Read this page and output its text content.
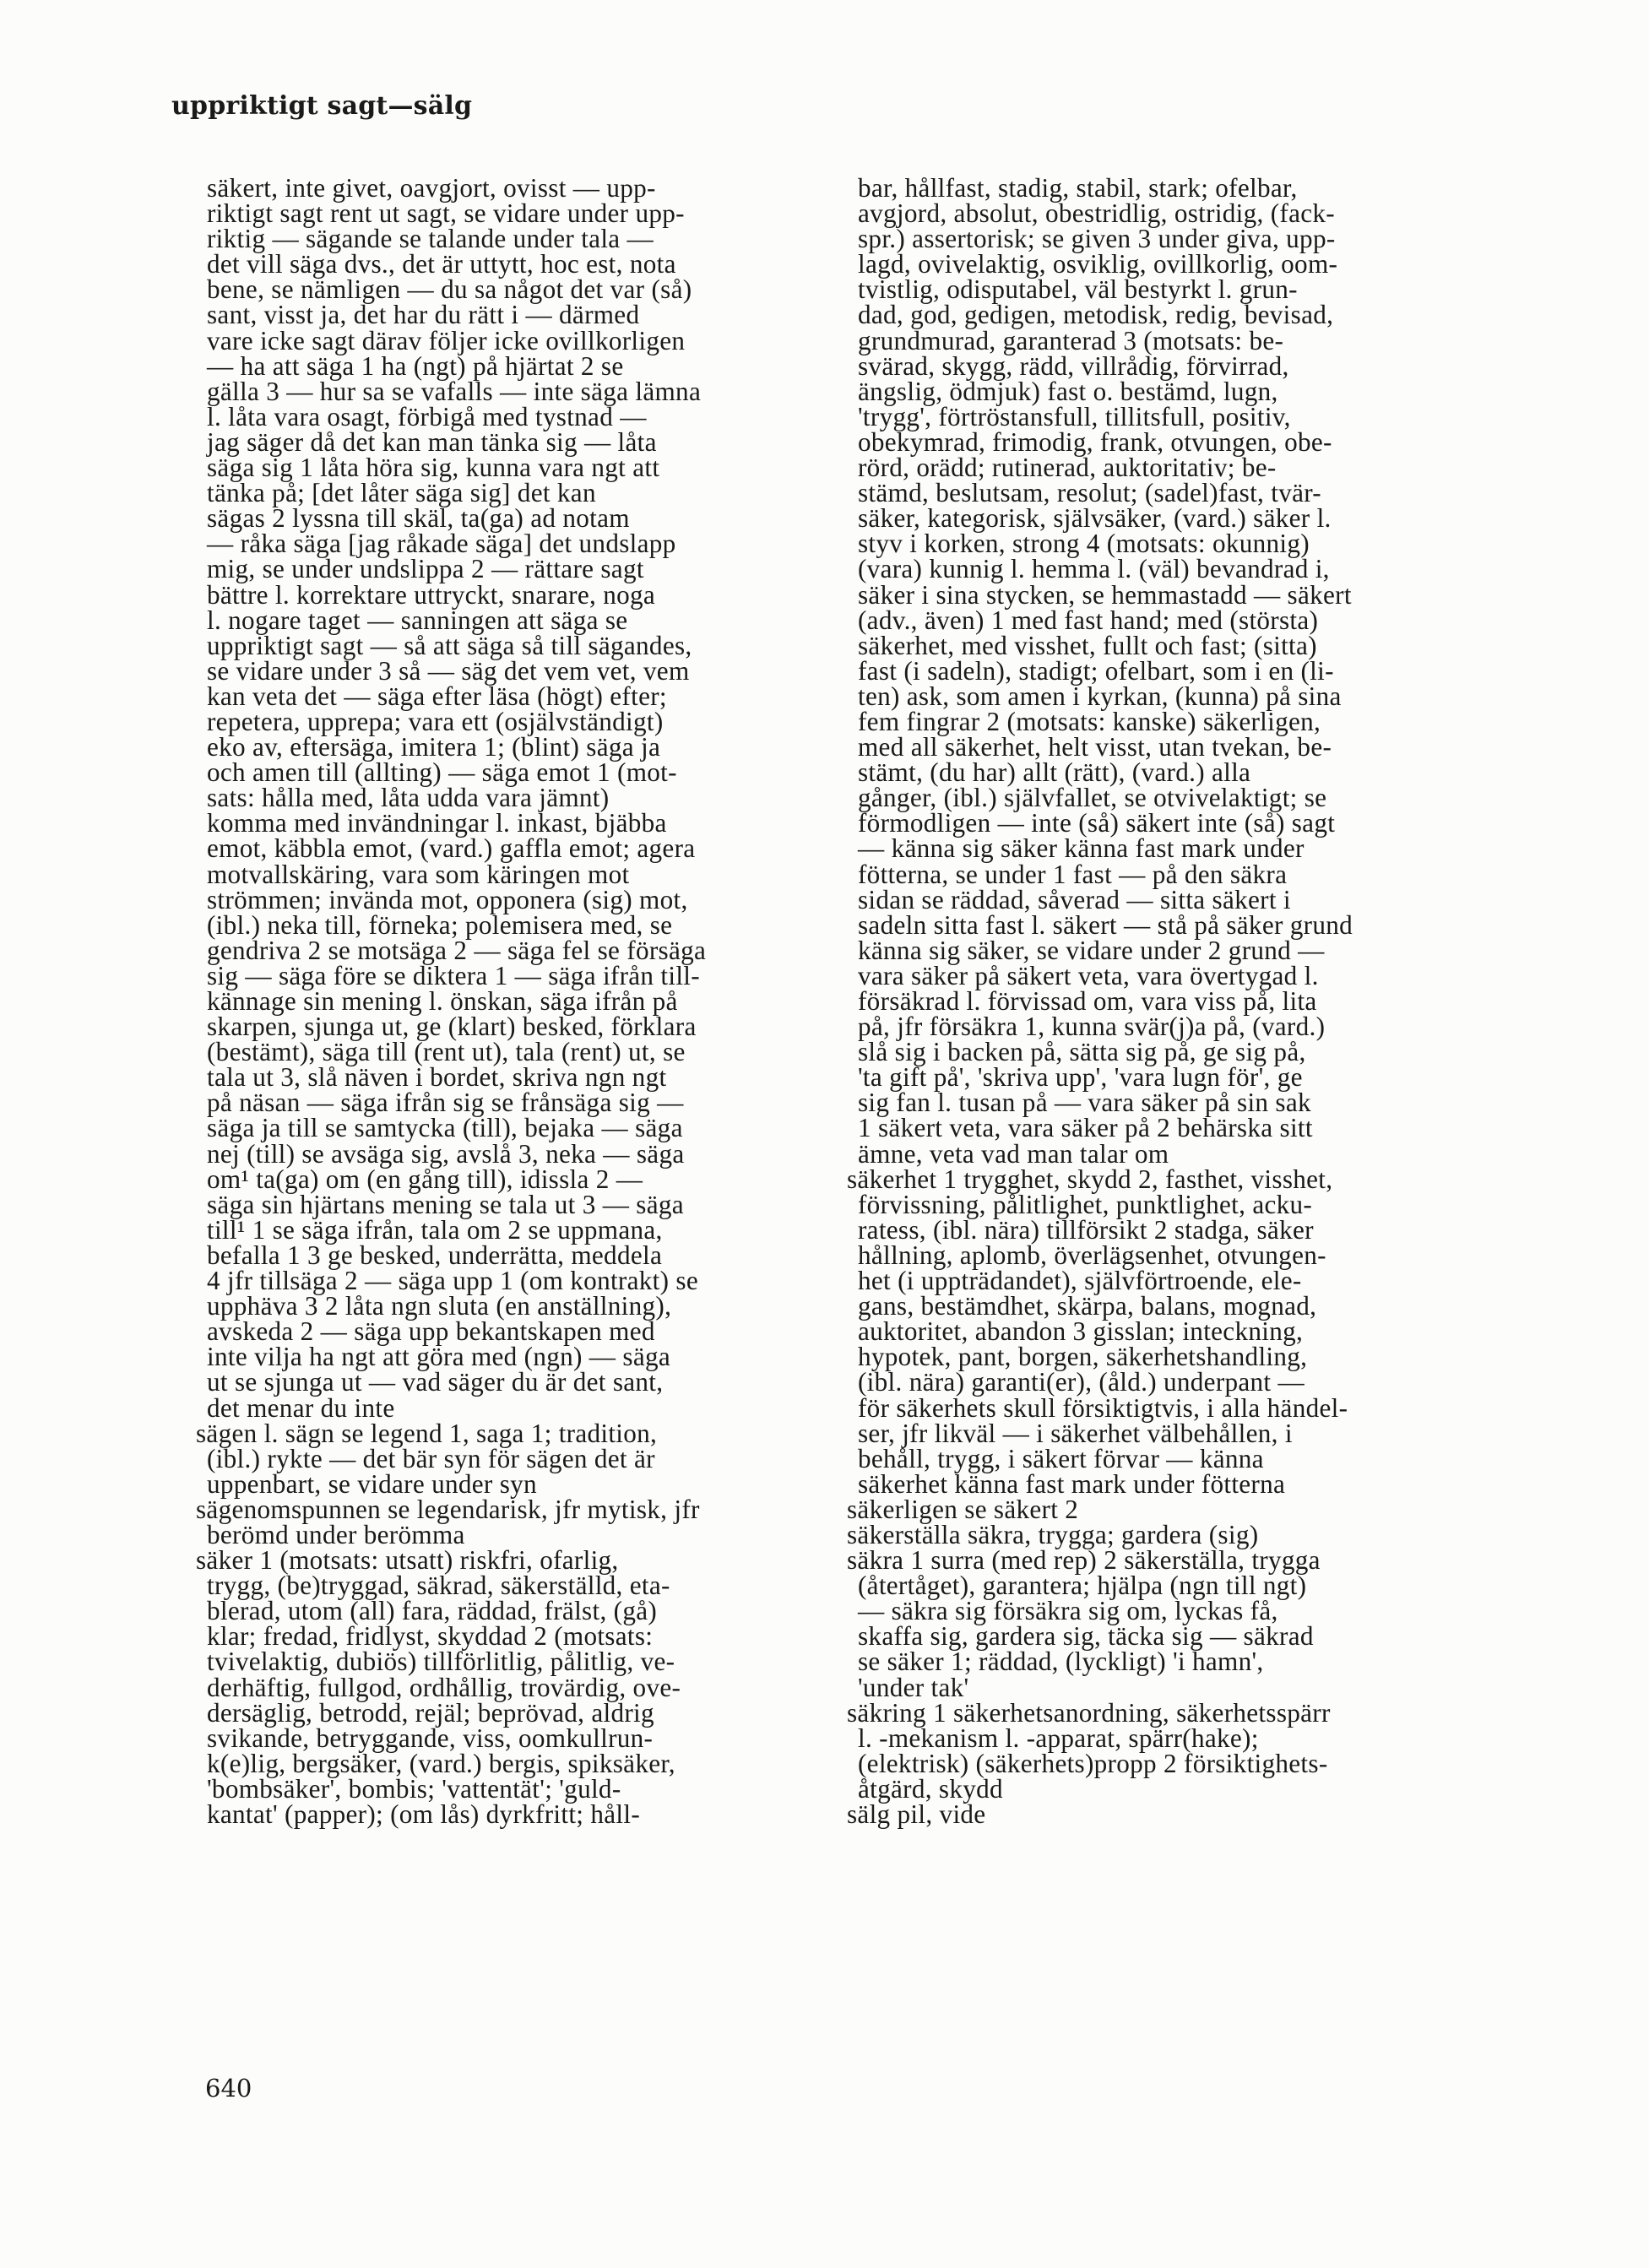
uppriktigt sagt—sälg
säkert, inte givet, oavgjort, ovisst — upp-
riktigt sagt rent ut sagt, se vidare under upp-
riktig — sägande se talande under tala —
det vill säga dvs., det är uttytt, hoc est, nota
bene, se nämligen — du sa något det var (så)
sant, visst ja, det har du rätt i — därmed
vare icke sagt därav följer icke ovillkorligen
— ha att säga 1 ha (ngt) på hjärtat 2 se
gälla 3 — hur sa se vafalls — inte säga lämna
l. låta vara osagt, förbigå med tystnad —
jag säger då det kan man tänka sig — låta
säga sig 1 låta höra sig, kunna vara ngt att
tänka på; [det låter säga sig] det kan
sägas 2 lyssna till skäl, ta(ga) ad notam
— råka säga [jag råkade säga] det undslapp
mig, se under undslippa 2 — rättare sagt
bättre l. korrektare uttryckt, snarare, noga
l. nogare taget — sanningen att säga se
uppriktigt sagt — så att säga så till sägandes,
se vidare under 3 så — säg det vem vet, vem
kan veta det — säga efter läsa (högt) efter;
repetera, upprepa; vara ett (osjälvständigt)
eko av, eftersäga, imitera 1; (blint) säga ja
och amen till (allting) — säga emot 1 (mot-
sats: hålla med, låta udda vara jämnt)
komma med invändningar l. inkast, bjäbba
emot, käbbla emot, (vard.) gaffla emot; agera
motvallskäring, vara som käringen mot
strömmen; invända mot, opponera (sig) mot,
(ibl.) neka till, förneka; polemisera med, se
gendriva 2 se motsäga 2 — säga fel se försäga
sig — säga före se diktera 1 — säga ifrån till-
kännage sin mening l. önskan, säga ifrån på
skarpen, sjunga ut, ge (klart) besked, förklara
(bestämt), säga till (rent ut), tala (rent) ut, se
tala ut 3, slå näven i bordet, skriva ngn ngt
på näsan — säga ifrån sig se frånsäga sig —
säga ja till se samtycka (till), bejaka — säga
nej (till) se avsäga sig, avslå 3, neka — säga
om¹ ta(ga) om (en gång till), idissla 2 —
säga sin hjärtans mening se tala ut 3 — säga
till¹ 1 se säga ifrån, tala om 2 se uppmana,
befalla 1 3 ge besked, underrätta, meddela
4 jfr tillsäga 2 — säga upp 1 (om kontrakt) se
upphäva 3 2 låta ngn sluta (en anställning),
avskeda 2 — säga upp bekantskapen med
inte vilja ha ngt att göra med (ngn) — säga
ut se sjunga ut — vad säger du är det sant,
det menar du inte
sägen l. sägn se legend 1, saga 1; tradition,
(ibl.) rykte — det bär syn för sägen det är
uppenbart, se vidare under syn
sägenomspunnen se legendarisk, jfr mytisk, jfr
berömd under berömma
säker 1 (motsats: utsatt) riskfri, ofarlig,
trygg, (be)tryggad, säkrad, säkerställd, eta-
blerad, utom (all) fara, räddad, frälst, (gå)
klar; fredad, fridlyst, skyddad 2 (motsats:
tvivelaktig, dubiös) tillförlitlig, pålitlig, ve-
derhäftig, fullgod, ordhållig, trovärdig, ove-
dersäglig, betrodd, rejäl; beprövad, aldrig
svikande, betryggande, viss, oomkullrun-
k(e)lig, bergsäker, (vard.) bergis, spiksäker,
'bombsäker', bombis; 'vattentät'; 'guld-
kantat' (papper); (om lås) dyrkfritt; håll-
bar, hållfast, stadig, stabil, stark; ofelbar,
avgjord, absolut, obestridlig, ostridig, (fack-
spr.) assertorisk; se given 3 under giva, upp-
lagd, ovivelaktig, osviklig, ovillkorlig, oom-
tvistlig, odisputabel, väl bestyrkt l. grun-
dad, god, gedigen, metodisk, redig, bevisad,
grundmurad, garanterad 3 (motsats: be-
svärad, skygg, rädd, villrådig, förvirrad,
ängslig, ödmjuk) fast o. bestämd, lugn,
'trygg', förtröstansfull, tillitsfull, positiv,
obekymrad, frimodig, frank, otvungen, obe-
rörd, orädd; rutinerad, auktoritativ; be-
stämd, beslutsam, resolut; (sadel)fast, tvär-
säker, kategorisk, självsäker, (vard.) säker l.
styv i korken, strong 4 (motsats: okunnig)
(vara) kunnig l. hemma l. (väl) bevandrad i,
säker i sina stycken, se hemmastadd — säkert
(adv., även) 1 med fast hand; med (största)
säkerhet, med visshet, fullt och fast; (sitta)
fast (i sadeln), stadigt; ofelbart, som i en (li-
ten) ask, som amen i kyrkan, (kunna) på sina
fem fingrar 2 (motsats: kanske) säkerligen,
med all säkerhet, helt visst, utan tvekan, be-
stämt, (du har) allt (rätt), (vard.) alla
gånger, (ibl.) självfallet, se otvivelaktigt; se
förmodligen — inte (så) säkert inte (så) sagt
— känna sig säker känna fast mark under
fötterna, se under 1 fast — på den säkra
sidan se räddad, såverad — sitta säkert i
sadeln sitta fast l. säkert — stå på säker grund
känna sig säker, se vidare under 2 grund —
vara säker på säkert veta, vara övertygad l.
försäkrad l. förvissad om, vara viss på, lita
på, jfr försäkra 1, kunna svär(j)a på, (vard.)
slå sig i backen på, sätta sig på, ge sig på,
'ta gift på', 'skriva upp', 'vara lugn för', ge
sig fan l. tusan på — vara säker på sin sak
1 säkert veta, vara säker på 2 behärska sitt
ämne, veta vad man talar om
säkerhet 1 trygghet, skydd 2, fasthet, visshet,
förvissning, pålitlighet, punktlighet, acku-
ratess, (ibl. nära) tillförsikt 2 stadga, säker
hållning, aplomb, överlägsenhet, otvungen-
het (i uppträdandet), självförtroende, ele-
gans, bestämdhet, skärpa, balans, mognad,
auktoritet, abandon 3 gisslan; inteckning,
hypotek, pant, borgen, säkerhetshandling,
(ibl. nära) garanti(er), (åld.) underpant —
för säkerhets skull försiktigtvis, i alla händel-
ser, jfr likväl — i säkerhet välbehållen, i
behåll, trygg, i säkert förvar — känna
säkerhet känna fast mark under fötterna
säkerligen se säkert 2
säkerställa säkra, trygga; gardera (sig)
säkra 1 surra (med rep) 2 säkerställa, trygga
(återtåget), garantera; hjälpa (ngn till ngt)
— säkra sig försäkra sig om, lyckas få,
skaffa sig, gardera sig, täcka sig — säkrad
se säker 1; räddad, (lyckligt) 'i hamn',
'under tak'
säkring 1 säkerhetsanordning, säkerhetsspärr
l. -mekanism l. -apparat, spärr(hake);
(elektrisk) (säkerhets)propp 2 försiktighets-
åtgärd, skydd
sälg pil, vide
640
